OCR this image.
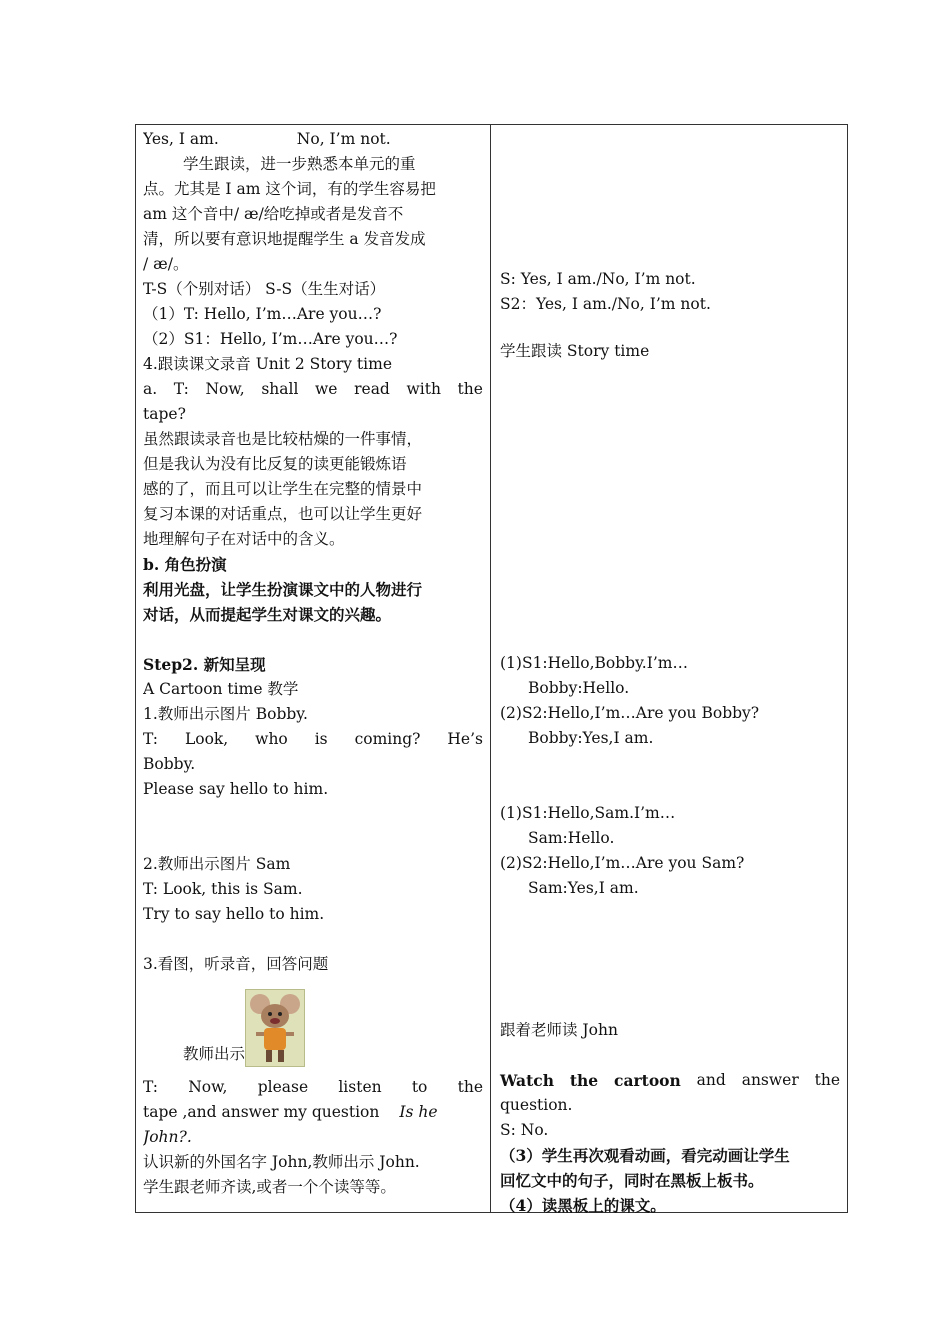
Yes, I am.	No, I’m not.
学生跟读，进一步熟悉本单元的重
点。尤其是 I am 这个词，有的学生容易把
am 这个音中/ æ/给吃掉或者是发音不
清，所以要有意识地提醒学生 a 发音发成
/ æ/。
T-S（个别对话） S-S（生生对话）
（1）T: Hello, I’m…Are you…?
（2）S1：Hello, I’m…Are you…?
4.跟读课文录音 Unit 2 Story time
a. T: Now, shall we read with the
tape?
虽然跟读录音也是比较枯燥的一件事情，
但是我认为没有比反复的读更能锻炼语
感的了，而且可以让学生在完整的情景中
复习本课的对话重点，也可以让学生更好
地理解句子在对话中的含义。
b. 角色扮演
利用光盘，让学生扮演课文中的人物进行
对话，从而提起学生对课文的兴趣。
Step2. 新知呈现
A Cartoon time 教学
1.教师出示图片 Bobby.
T: Look, who is coming? He’s
Bobby.
Please say hello to him.
2.教师出示图片 Sam
T: Look, this is Sam.
Try to say hello to him.
3.看图，听录音，回答问题
教师出示
T: Now, please listen to the
tape ,and answer my question Is he
John?.
认识新的外国名字 John,教师出示 John.
学生跟老师齐读,或者一个个读等等。
S: Yes, I am./No, I’m not.
S2：Yes, I am./No, I’m not.
学生跟读 Story time
(1)S1:Hello,Bobby.I’m…
Bobby:Hello.
(2)S2:Hello,I’m…Are you Bobby?
Bobby:Yes,I am.
(1)S1:Hello,Sam.I’m…
Sam:Hello.
(2)S2:Hello,I’m…Are you Sam?
Sam:Yes,I am.
跟着老师读 John
Watch the cartoon and answer the
question.
S: No.
（3）学生再次观看动画，看完动画让学生
回忆文中的句子，同时在黑板上板书。
（4）读黑板上的课文。
